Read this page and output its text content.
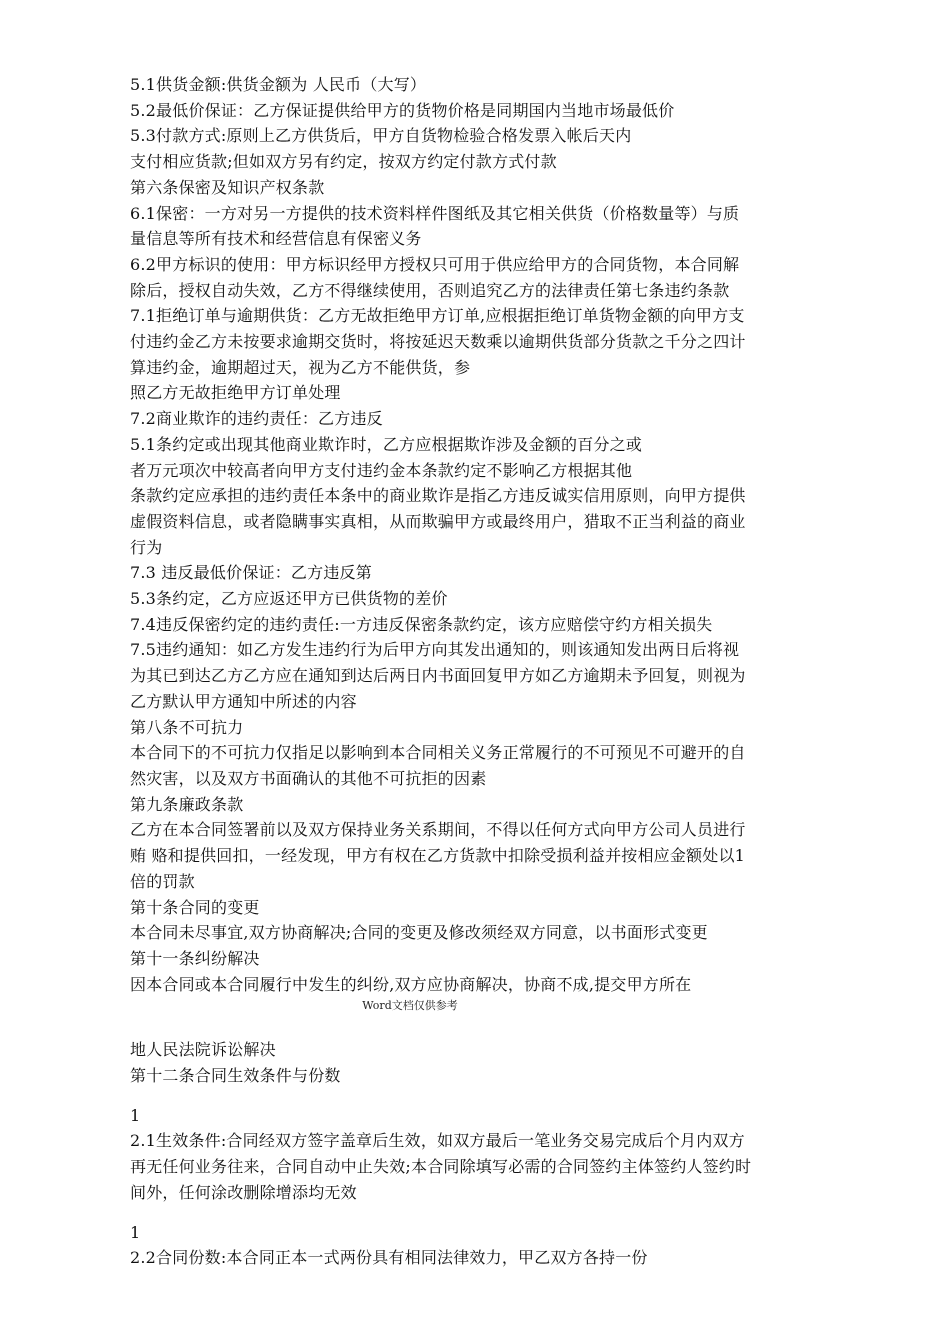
5.1供货金额:供货金额为 人民币（大写）
5.2最低价保证：乙方保证提供给甲方的货物价格是同期国内当地市场最低价
5.3付款方式:原则上乙方供货后，甲方自货物检验合格发票入帐后天内
支付相应货款;但如双方另有约定，按双方约定付款方式付款
第六条保密及知识产权条款
6.1保密：一方对另一方提供的技术资料样件图纸及其它相关供货（价格数量等）与质
量信息等所有技术和经营信息有保密义务
6.2甲方标识的使用：甲方标识经甲方授权只可用于供应给甲方的合同货物，本合同解
除后，授权自动失效，乙方不得继续使用，否则追究乙方的法律责任第七条违约条款
7.1拒绝订单与逾期供货：乙方无故拒绝甲方订单,应根据拒绝订单货物金额的向甲方支
付违约金乙方未按要求逾期交货时，将按延迟天数乘以逾期供货部分货款之千分之四计
算违约金，逾期超过天，视为乙方不能供货，参
照乙方无故拒绝甲方订单处理
7.2商业欺诈的违约责任：乙方违反
5.1条约定或出现其他商业欺诈时，乙方应根据欺诈涉及金额的百分之或
者万元项次中较高者向甲方支付违约金本条款约定不影响乙方根据其他
条款约定应承担的违约责任本条中的商业欺诈是指乙方违反诚实信用原则，向甲方提供
虚假资料信息，或者隐瞒事实真相，从而欺骗甲方或最终用户，猎取不正当利益的商业
行为
7.3 违反最低价保证：乙方违反第
5.3条约定，乙方应返还甲方已供货物的差价
7.4违反保密约定的违约责任:一方违反保密条款约定，该方应赔偿守约方相关损失
7.5违约通知：如乙方发生违约行为后甲方向其发出通知的，则该通知发出两日后将视
为其已到达乙方乙方应在通知到达后两日内书面回复甲方如乙方逾期未予回复，则视为
乙方默认甲方通知中所述的内容
第八条不可抗力
本合同下的不可抗力仅指足以影响到本合同相关义务正常履行的不可预见不可避开的自
然灾害，以及双方书面确认的其他不可抗拒的因素
第九条廉政条款
乙方在本合同签署前以及双方保持业务关系期间，不得以任何方式向甲方公司人员进行
贿 赂和提供回扣，一经发现，甲方有权在乙方货款中扣除受损利益并按相应金额处以1
倍的罚款
第十条合同的变更
本合同未尽事宜,双方协商解决;合同的变更及修改须经双方同意，以书面形式变更
第十一条纠纷解决
因本合同或本合同履行中发生的纠纷,双方应协商解决，协商不成,提交甲方所在
Word文档仅供参考
地人民法院诉讼解决
第十二条合同生效条件与份数
1
2.1生效条件:合同经双方签字盖章后生效，如双方最后一笔业务交易完成后个月内双方
再无任何业务往来，合同自动中止失效;本合同除填写必需的合同签约主体签约人签约时
间外，任何涂改删除增添均无效
1
2.2合同份数:本合同正本一式两份具有相同法律效力，甲乙双方各持一份
